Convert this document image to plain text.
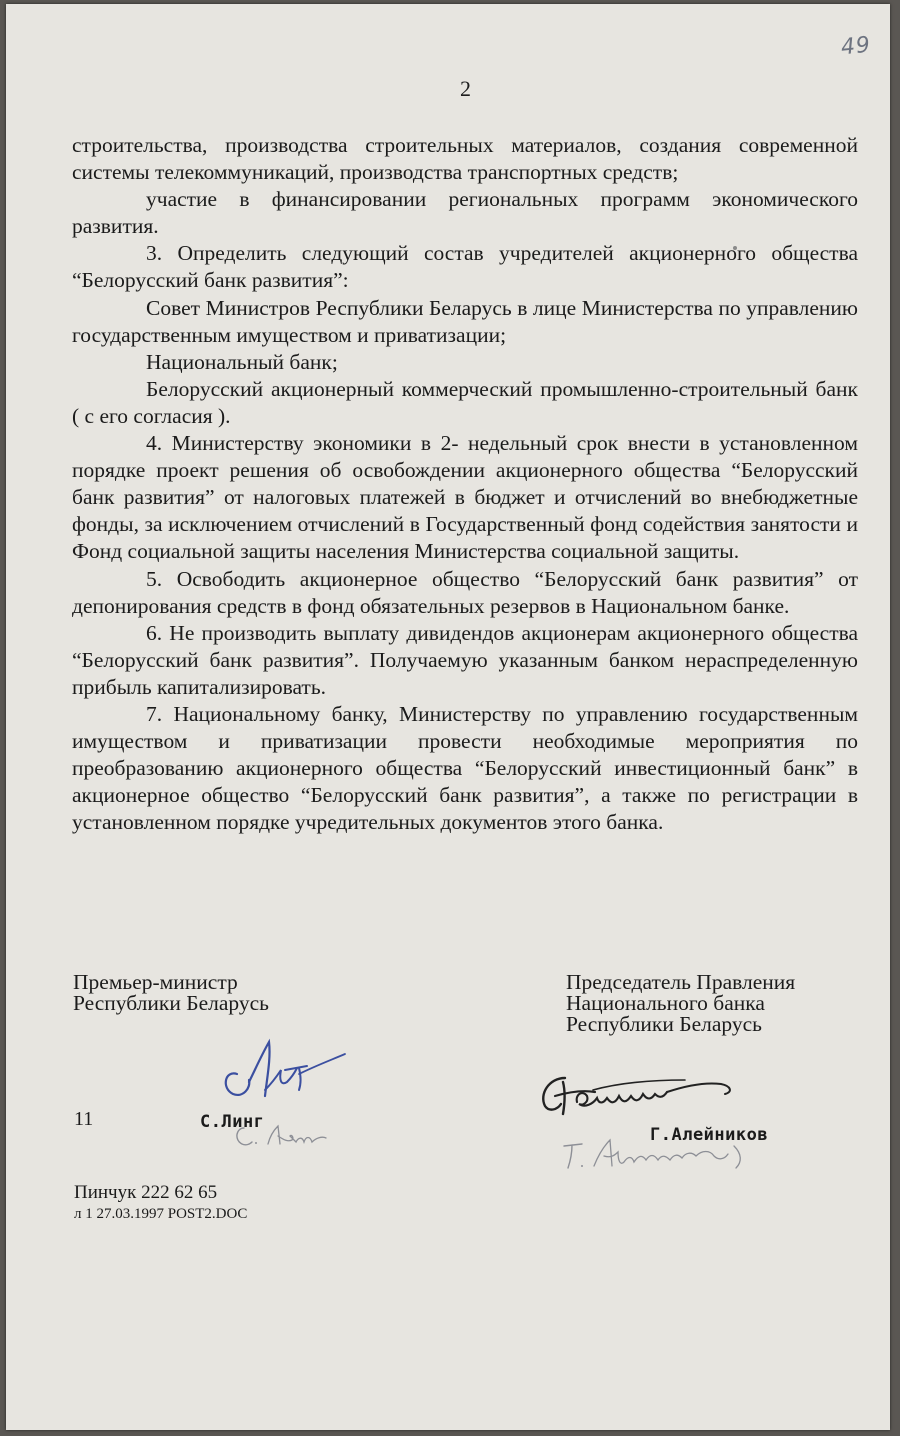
49
2

строительства, производства строительных материалов, создания современной системы телекоммуникаций, производства транспортных средств;

участие в финансировании региональных программ экономического развития.

3. Определить следующий состав учредителей акционерного общества “Белорусский банк развития”:

Совет Министров Республики Беларусь в лице Министерства по управлению государственным имуществом и приватизации;

Национальный банк;

Белорусский акционерный коммерческий промышленно-строительный банк ( с его согласия ).

4. Министерству экономики в 2- недельный срок внести в установленном порядке проект решения об освобождении акционерного общества “Белорусский банк развития” от налоговых платежей в бюджет и отчислений во внебюджетные фонды, за исключением отчислений в Государственный фонд содействия занятости и Фонд социальной защиты населения Министерства социальной защиты.

5. Освободить акционерное общество “Белорусский банк развития” от депонирования средств в фонд обязательных резервов в Национальном банке.

6. Не производить выплату дивидендов акционерам акционерного общества “Белорусский банк развития”. Получаемую указанным банком нераспределенную прибыль капитализировать.

7. Национальному банку, Министерству по управлению государственным имуществом и приватизации провести необходимые мероприятия по преобразованию акционерного общества “Белорусский инвестиционный банк” в акционерное общество “Белорусский банк развития”, а также по регистрации в установленном порядке учредительных документов этого банка.

Премьер-министр
Республики Беларусь
Председатель Правления
Национального банка
Республики Беларусь
11	С.Линг
Г.Алейников
Пинчук 222 62 65
л 1 27.03.1997 POST2.DOC
